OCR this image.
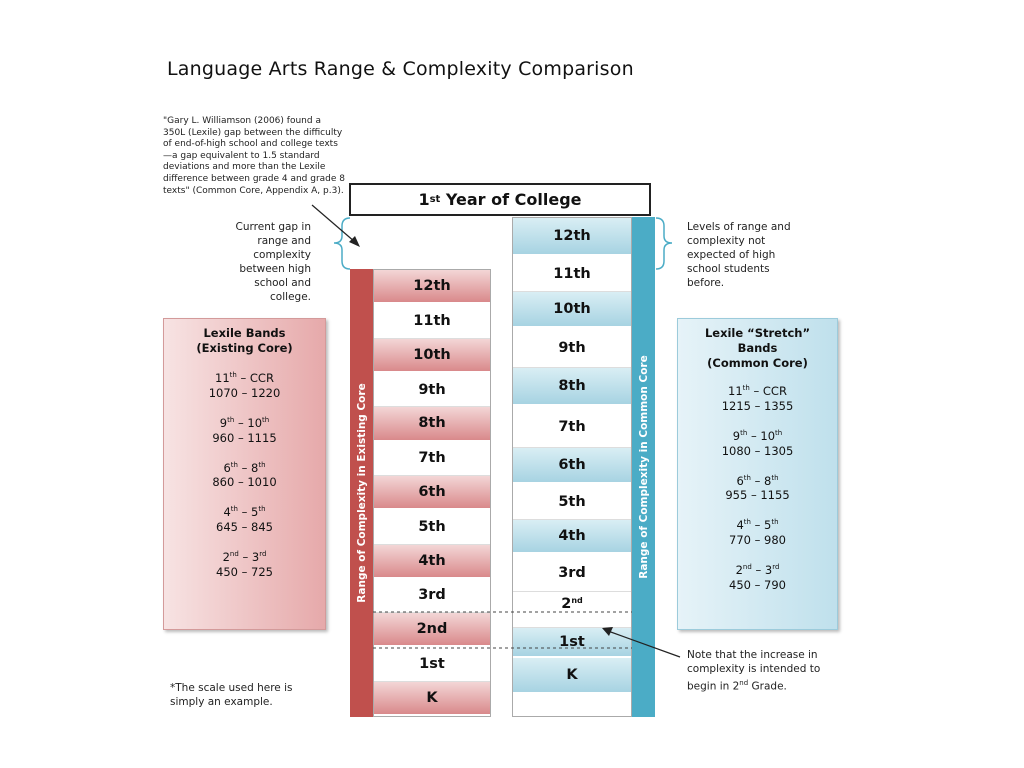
Language Arts Range & Complexity Comparison
"Gary L. Williamson (2006) found a 350L (Lexile) gap between the difficulty of end-of-high school and college texts—a gap equivalent to 1.5 standard deviations and more than the Lexile difference between grade 4 and grade 8 texts" (Common Core, Appendix A, p.3).	1 st Year of College
Current gap in range and complexity between high school and college.
Levels of range and complexity not expected of high school students before.
Note that the increase in complexity is intended to begin in 2nd Grade.
*The scale used here is simply an example.
Range of Complexity in Existing Core
12th
11th
10th
9th
8th
7th
6th
5th
4th
3rd
2nd
1st
K
12th
11th
10th
9th
8th
7th
6th
5th
4th
3rd
2nd
1st
K
Range of Complexity in Common Core
Lexile Bands
(Existing Core)
11th – CCR
1070 – 1220
9th – 10th
960 – 1115
6th – 8th
860 – 1010
4th – 5th
645 – 845
2nd – 3rd
450 – 725
Lexile “Stretch”
Bands
(Common Core)
11th – CCR
1215 – 1355
9th – 10th
1080 – 1305
6th – 8th
955 – 1155
4th – 5th
770 – 980
2nd – 3rd
450 – 790
